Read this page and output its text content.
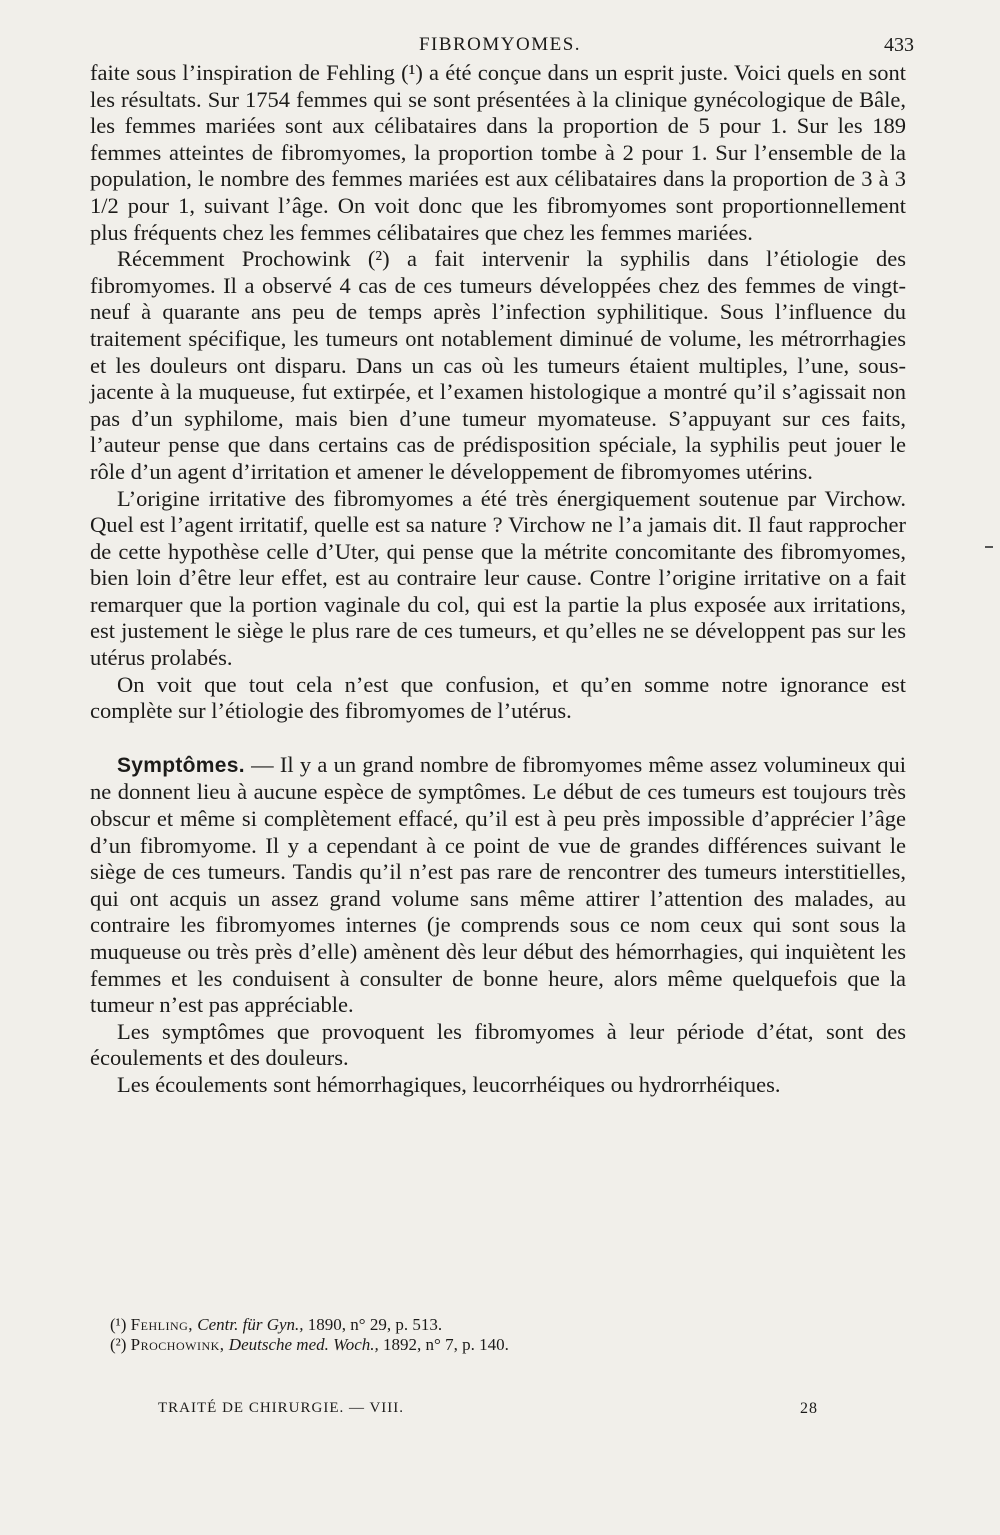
FIBROMYOMES.	433

faite sous l’inspiration de Fehling (¹) a été conçue dans un esprit juste. Voici quels en sont les résultats. Sur 1754 femmes qui se sont présentées à la clinique gynécologique de Bâle, les femmes mariées sont aux célibataires dans la proportion de 5 pour 1. Sur les 189 femmes atteintes de fibromyomes, la proportion tombe à 2 pour 1. Sur l’ensemble de la population, le nombre des femmes mariées est aux célibataires dans la proportion de 3 à 3 1/2 pour 1, suivant l’âge. On voit donc que les fibromyomes sont proportionnellement plus fréquents chez les femmes célibataires que chez les femmes mariées.

Récemment Prochowink (²) a fait intervenir la syphilis dans l’étiologie des fibromyomes. Il a observé 4 cas de ces tumeurs développées chez des femmes de vingt-neuf à quarante ans peu de temps après l’infection syphilitique. Sous l’influence du traitement spécifique, les tumeurs ont notablement diminué de volume, les métrorrhagies et les douleurs ont disparu. Dans un cas où les tumeurs étaient multiples, l’une, sous-jacente à la muqueuse, fut extirpée, et l’examen histologique a montré qu’il s’agissait non pas d’un syphilome, mais bien d’une tumeur myomateuse. S’appuyant sur ces faits, l’auteur pense que dans certains cas de prédisposition spéciale, la syphilis peut jouer le rôle d’un agent d’irritation et amener le développement de fibromyomes utérins.

L’origine irritative des fibromyomes a été très énergiquement soutenue par Virchow. Quel est l’agent irritatif, quelle est sa nature ? Virchow ne l’a jamais dit. Il faut rapprocher de cette hypothèse celle d’Uter, qui pense que la métrite concomitante des fibromyomes, bien loin d’être leur effet, est au contraire leur cause. Contre l’origine irritative on a fait remarquer que la portion vaginale du col, qui est la partie la plus exposée aux irritations, est justement le siège le plus rare de ces tumeurs, et qu’elles ne se développent pas sur les utérus prolabés.

On voit que tout cela n’est que confusion, et qu’en somme notre ignorance est complète sur l’étiologie des fibromyomes de l’utérus.

Symptômes. — Il y a un grand nombre de fibromyomes même assez volumineux qui ne donnent lieu à aucune espèce de symptômes. Le début de ces tumeurs est toujours très obscur et même si complètement effacé, qu’il est à peu près impossible d’apprécier l’âge d’un fibromyome. Il y a cependant à ce point de vue de grandes différences suivant le siège de ces tumeurs. Tandis qu’il n’est pas rare de rencontrer des tumeurs interstitielles, qui ont acquis un assez grand volume sans même attirer l’attention des malades, au contraire les fibromyomes internes (je comprends sous ce nom ceux qui sont sous la muqueuse ou très près d’elle) amènent dès leur début des hémorrhagies, qui inquiètent les femmes et les conduisent à consulter de bonne heure, alors même quelquefois que la tumeur n’est pas appréciable.

Les symptômes que provoquent les fibromyomes à leur période d’état, sont des écoulements et des douleurs.

Les écoulements sont hémorrhagiques, leucorrhéiques ou hydrorrhéiques.

(¹) Fehling, Centr. für Gyn., 1890, n° 29, p. 513.

(²) Prochowink, Deutsche med. Woch., 1892, n° 7, p. 140.

TRAITÉ DE CHIRURGIE. — VIII.	28
